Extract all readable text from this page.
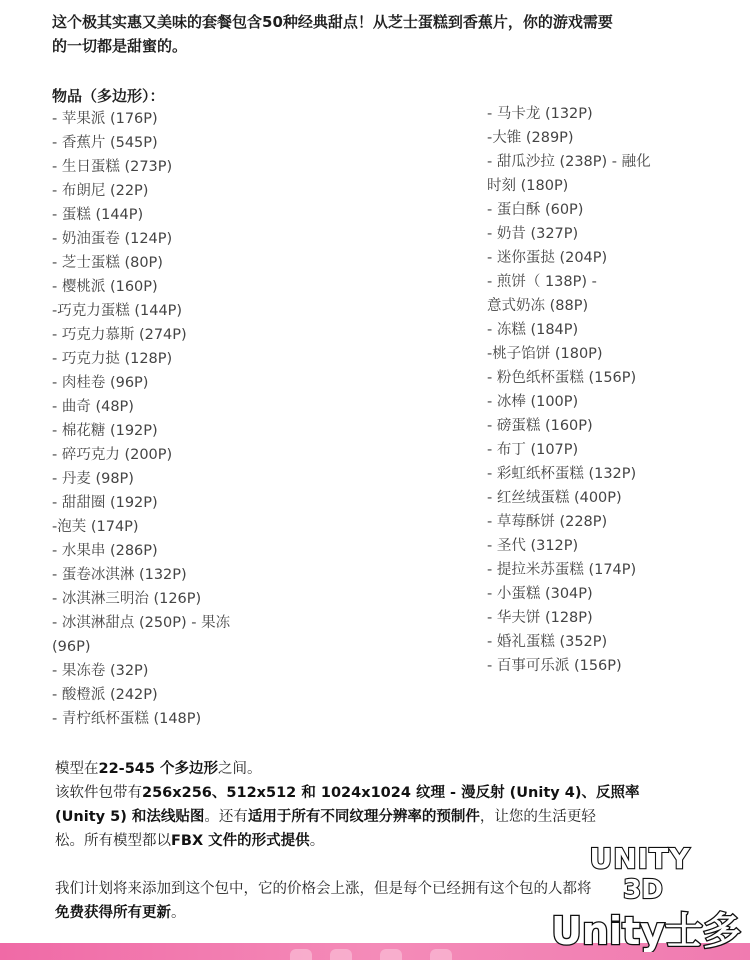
这个极其实惠又美味的套餐包含50种经典甜点！从芝士蛋糕到香蕉片，你的游戏需要

的一切都是甜蜜的。

物品（多边形）：
- 苹果派 (176P)
- 香蕉片 (545P)
- 生日蛋糕 (273P)
- 布朗尼 (22P)
- 蛋糕 (144P)
- 奶油蛋卷 (124P)
- 芝士蛋糕 (80P)
- 樱桃派 (160P)
-巧克力蛋糕 (144P)
- 巧克力慕斯 (274P)
- 巧克力挞 (128P)
- 肉桂卷 (96P)
- 曲奇 (48P)
- 棉花糖 (192P)
- 碎巧克力 (200P)
- 丹麦 (98P)
- 甜甜圈 (192P)
-泡芙 (174P)
- 水果串 (286P)
- 蛋卷冰淇淋 (132P)
- 冰淇淋三明治 (126P)
- 冰淇淋甜点 (250P) - 果冻
(96P)
- 果冻卷 (32P)
- 酸橙派 (242P)
- 青柠纸杯蛋糕 (148P)
- 马卡龙 (132P)
-大锥 (289P)
- 甜瓜沙拉 (238P) - 融化
时刻 (180P)
- 蛋白酥 (60P)
- 奶昔 (327P)
- 迷你蛋挞 (204P)
- 煎饼（ 138P) -
意式奶冻 (88P)
- 冻糕 (184P)
-桃子馅饼 (180P)
- 粉色纸杯蛋糕 (156P)
- 冰棒 (100P)
- 磅蛋糕 (160P)
- 布丁 (107P)
- 彩虹纸杯蛋糕 (132P)
- 红丝绒蛋糕 (400P)
- 草莓酥饼 (228P)
- 圣代 (312P)
- 提拉米苏蛋糕 (174P)
- 小蛋糕 (304P)
- 华夫饼 (128P)
- 婚礼蛋糕 (352P)
- 百事可乐派 (156P)

模型在22-545 个多边形之间。

该软件包带有256x256、512x512 和 1024x1024 纹理 - 漫反射 (Unity 4)、反照率
(Unity 5) 和法线贴图。还有适用于所有不同纹理分辨率的预制件，让您的生活更轻
松。所有模型都以FBX 文件的形式提供。

我们计划将来添加到这个包中，它的价格会上涨，但是每个已经拥有这个包的人都将
免费获得所有更新。

UNITY
3D
Unity士多
